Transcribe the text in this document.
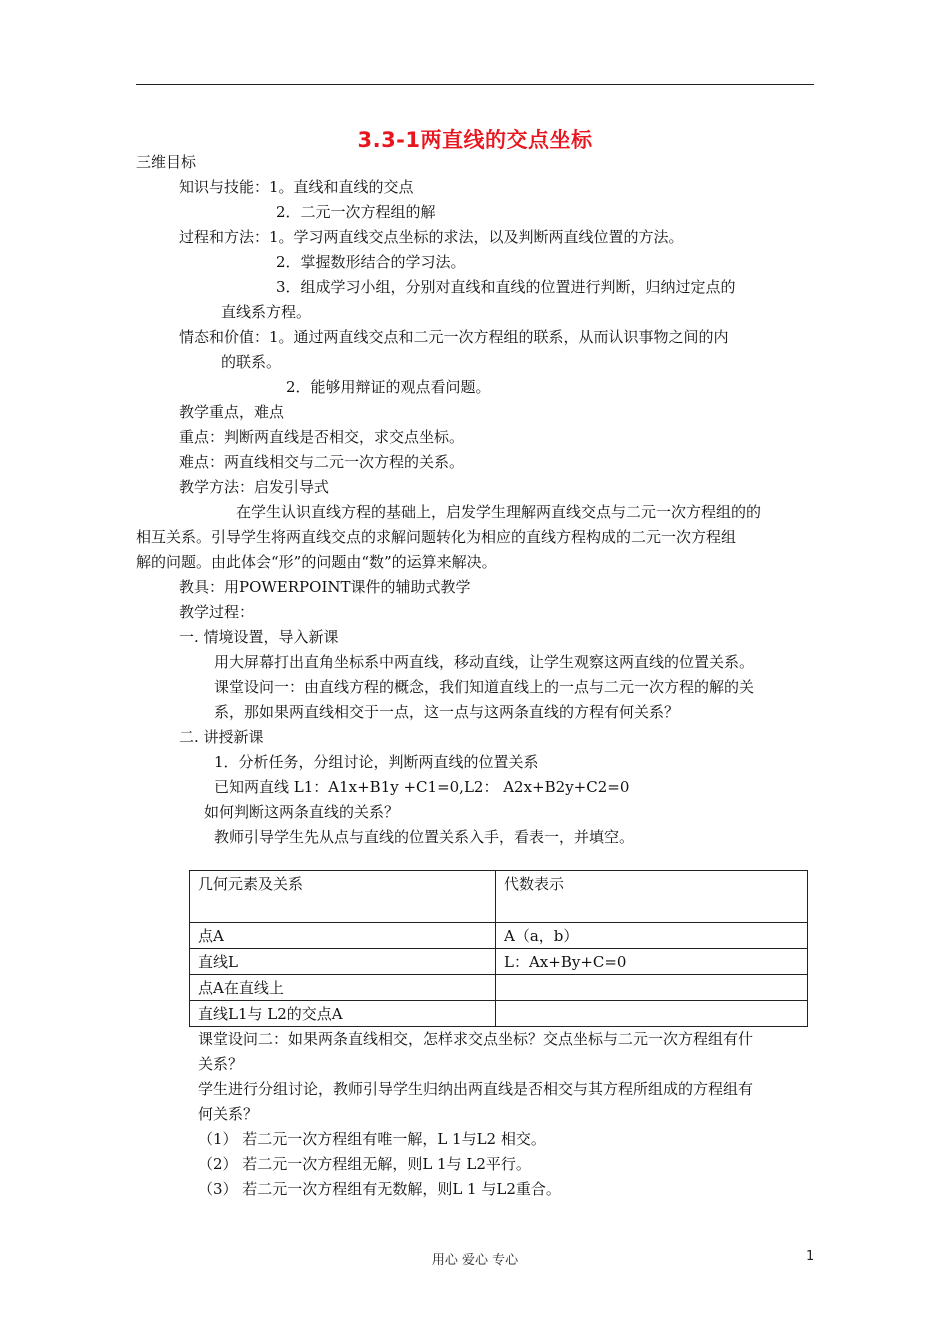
3.3-1两直线的交点坐标
三维目标
知识与技能：1。直线和直线的交点
2．二元一次方程组的解
过程和方法：1。学习两直线交点坐标的求法，以及判断两直线位置的方法。
2．掌握数形结合的学习法。
3．组成学习小组，分别对直线和直线的位置进行判断，归纳过定点的
直线系方程。
情态和价值：1。通过两直线交点和二元一次方程组的联系，从而认识事物之间的内
的联系。
2．能够用辩证的观点看问题。
教学重点，难点
重点：判断两直线是否相交，求交点坐标。
难点：两直线相交与二元一次方程的关系。
教学方法：启发引导式
在学生认识直线方程的基础上，启发学生理解两直线交点与二元一次方程组的的
相互关系。引导学生将两直线交点的求解问题转化为相应的直线方程构成的二元一次方程组
解的问题。由此体会“形”的问题由“数”的运算来解决。
教具：用POWERPOINT课件的辅助式教学
教学过程：
一. 情境设置，导入新课
用大屏幕打出直角坐标系中两直线，移动直线，让学生观察这两直线的位置关系。
课堂设问一：由直线方程的概念，我们知道直线上的一点与二元一次方程的解的关
系，那如果两直线相交于一点，这一点与这两条直线的方程有何关系？
二. 讲授新课
1．分析任务，分组讨论，判断两直线的位置关系
已知两直线 L1：A1x+B1y +C1=0,L2： A2x+B2y+C2=0
如何判断这两条直线的关系？
教师引导学生先从点与直线的位置关系入手，看表一，并填空。
几何元素及关系	代数表示
点A	A（a，b）
直线L	L：Ax+By+C=0
点A在直线上	
直线L1与 L2的交点A	
课堂设问二：如果两条直线相交，怎样求交点坐标？交点坐标与二元一次方程组有什
关系？
学生进行分组讨论，教师引导学生归纳出两直线是否相交与其方程所组成的方程组有
何关系？
（1） 若二元一次方程组有唯一解，L 1与L2 相交。
（2） 若二元一次方程组无解，则L 1与 L2平行。
（3） 若二元一次方程组有无数解，则L 1 与L2重合。
用心 爱心 专心	1
